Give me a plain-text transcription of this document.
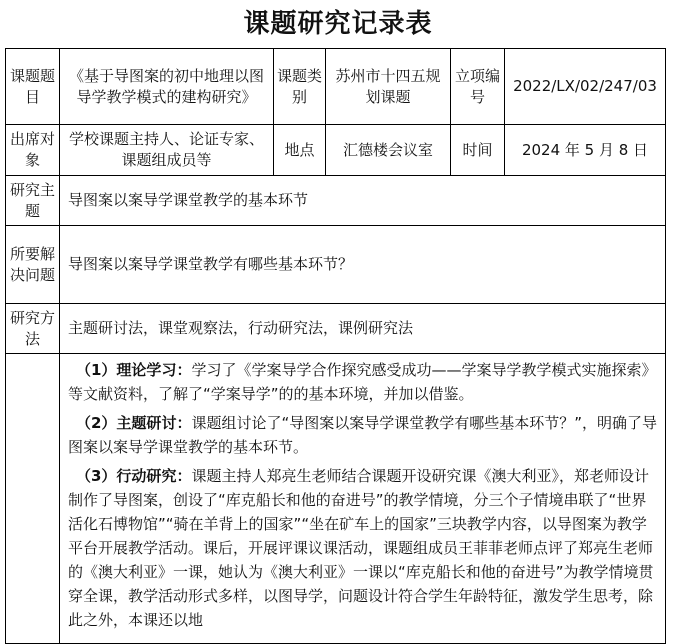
课题研究记录表
课题题目	《基于导图案的初中地理以图导学教学模式的建构研究》	课题类别	苏州市十四五规划课题	立项编号	2022/LX/02/247/03
出席对象	学校课题主持人、论证专家、课题组成员等	地点	汇德楼会议室	时间	2024 年 5 月 8 日
研究主题	导图案以案导学课堂教学的基本环节				
所要解决问题	导图案以案导学课堂教学有哪些基本环节？				
研究方法	主题研讨法，课堂观察法，行动研究法，课例研究法				

	（1）理论学习：学习了《学案导学合作探究感受成功——学案导学教学模式实施探索》等文献资料，了解了“学案导学”的的基本环境，并加以借鉴。
（2）主题研讨：课题组讨论了“导图案以案导学课堂教学有哪些基本环节？”，明确了导图案以案导学课堂教学的基本环节。
（3）行动研究：课题主持人郑亮生老师结合课题开设研究课《澳大利亚》，郑老师设计制作了导图案，创设了“库克船长和他的奋进号”的教学情境，分三个子情境串联了“世界活化石博物馆”“骑在羊背上的国家”“坐在矿车上的国家”三块教学内容，以导图案为教学平台开展教学活动。课后，开展评课议课活动，课题组成员王菲菲老师点评了郑亮生老师的《澳大利亚》一课，她认为《澳大利亚》一课以“库克船长和他的奋进号”为教学情境贯穿全课，教学活动形式多样，以图导学，问题设计符合学生年龄特征，激发学生思考，除此之外，本课还以地				
